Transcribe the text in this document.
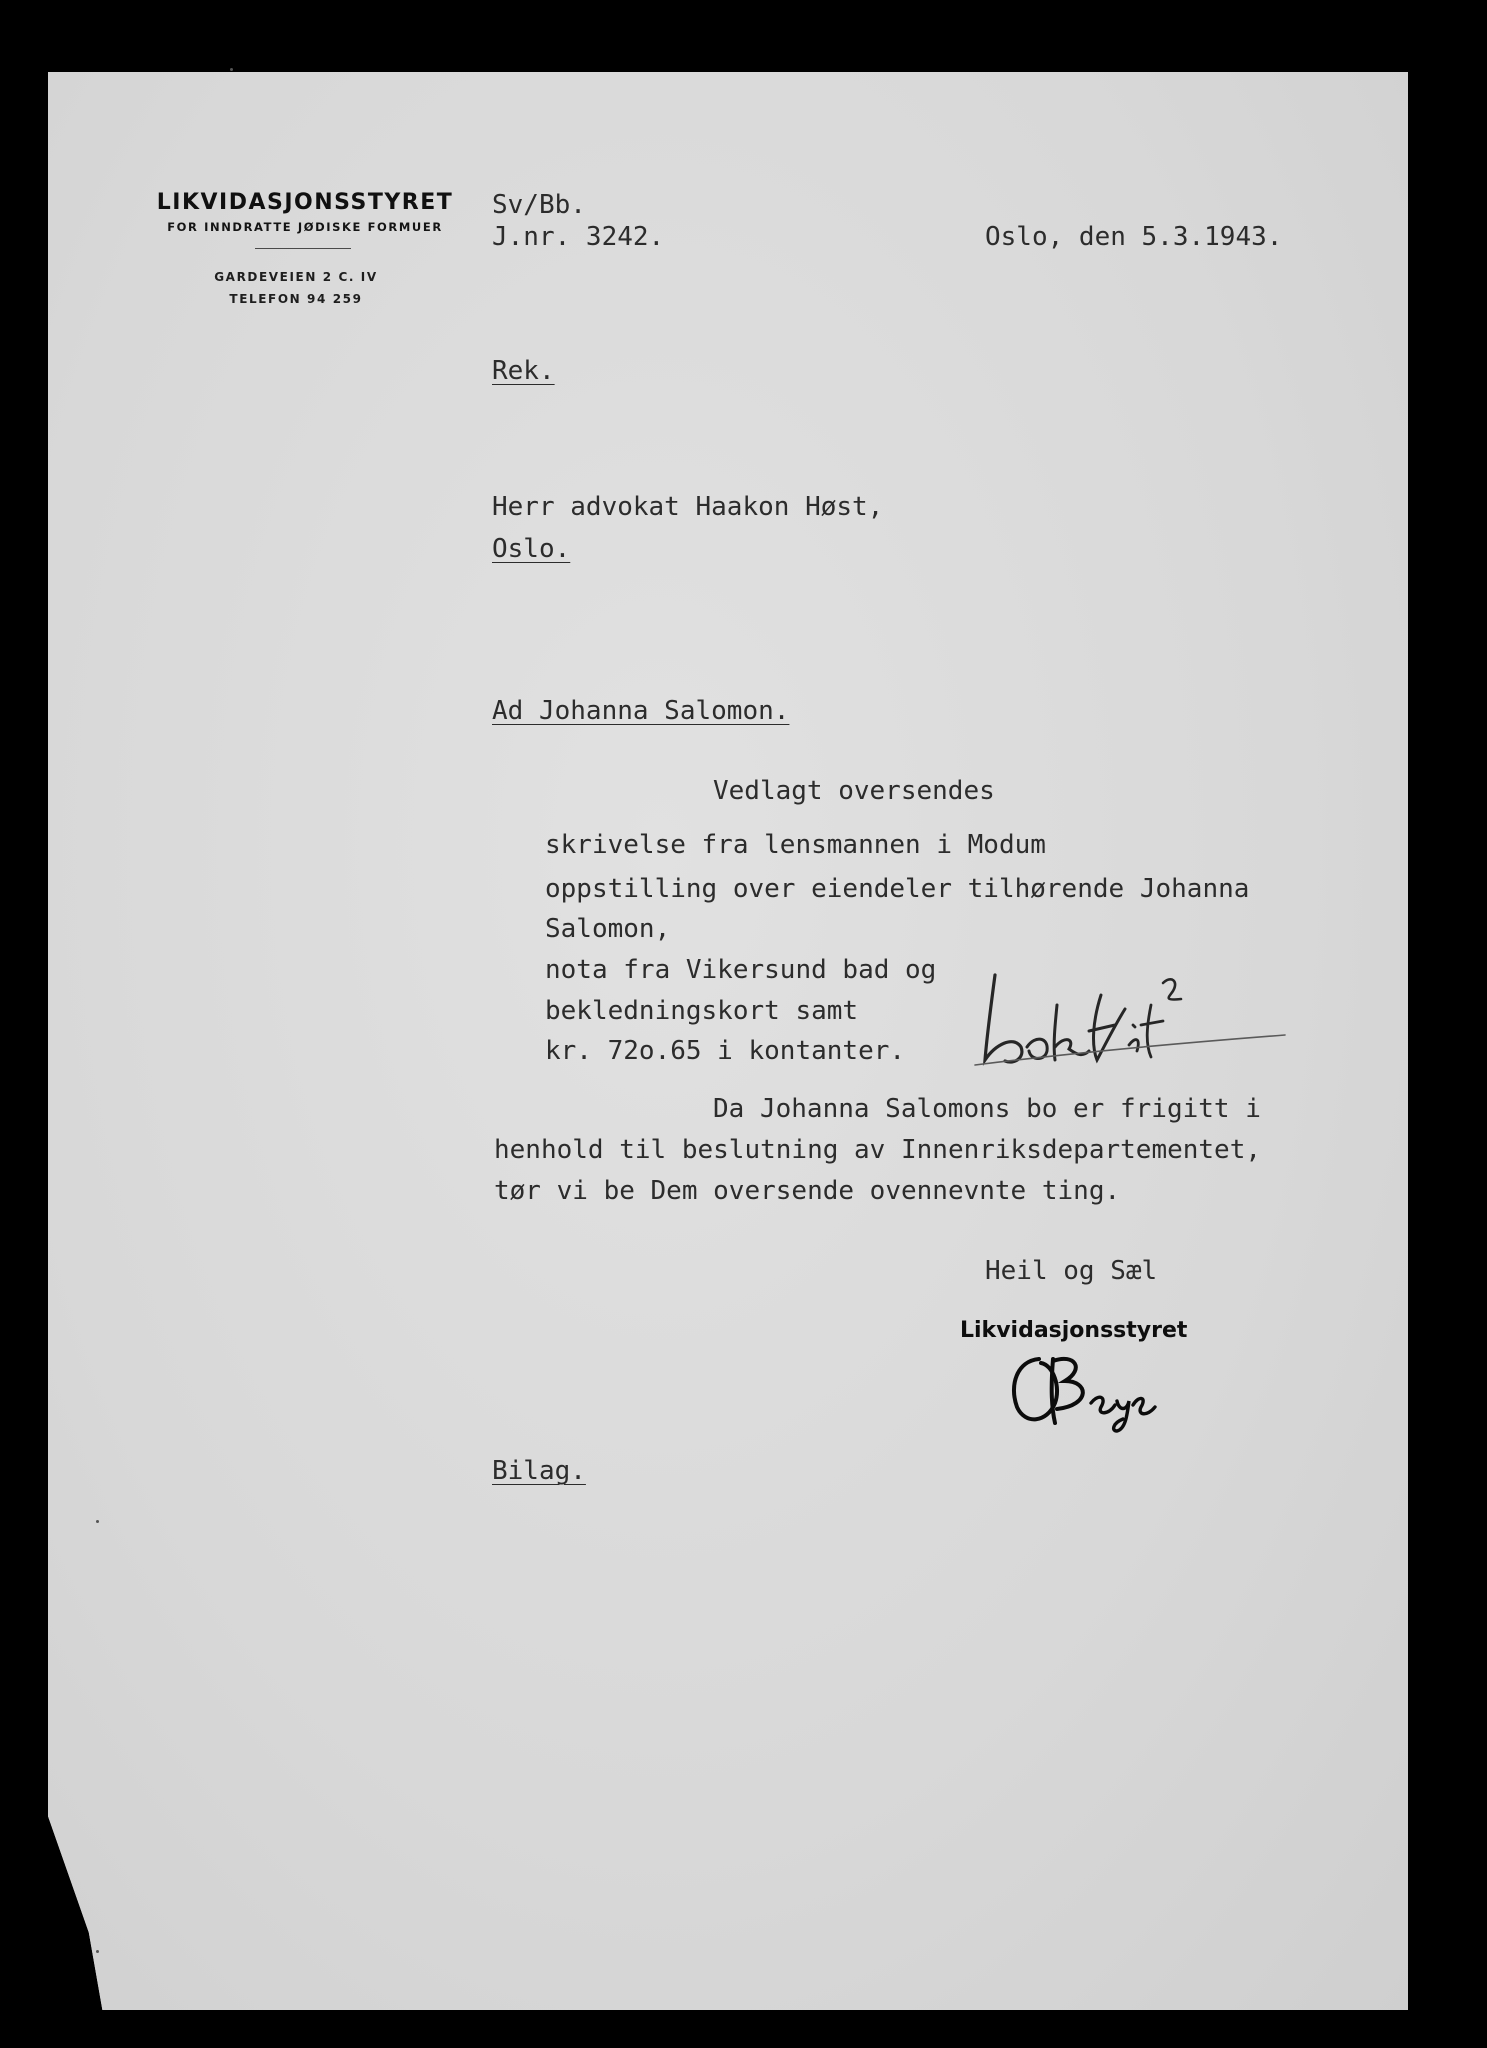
LIKVIDASJONSSTYRET
FOR INNDRATTE JØDISKE FORMUER
GARDEVEIEN 2 C. IV
TELEFON 94 259
Sv/Bb.
J.nr. 3242.	Oslo, den 5.3.1943.
Rek.
Herr advokat Haakon Høst,
Oslo.
Ad Johanna Salomon.
Vedlagt oversendes
skrivelse fra lensmannen i Modum
oppstilling over eiendeler tilhørende Johanna
Salomon,
nota fra Vikersund bad og
bekledningskort samt
kr. 72o.65 i kontanter.
Da Johanna Salomons bo er frigitt i
henhold til beslutning av Innenriksdepartementet,
tør vi be Dem oversende ovennevnte ting.
Heil og Sæl
Likvidasjonsstyret
Bilag.
